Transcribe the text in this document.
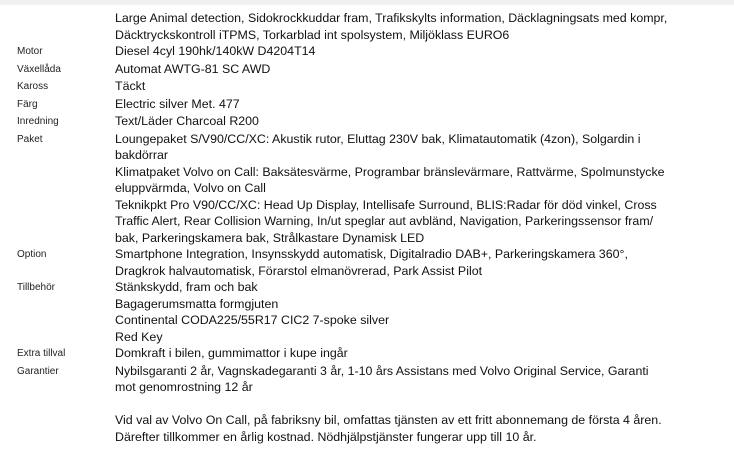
Large Animal detection, Sidokrockkuddar fram, Trafikskylts information, Däcklagningsats med kompr,
Däcktryckskontroll iTPMS, Torkarblad int spolsystem, Miljöklass EURO6
Motor	Diesel 4cyl 190hk/140kW D4204T14
Växellåda	Automat AWTG-81 SC AWD
Kaross	Täckt
Färg	Electric silver Met. 477
Inredning	Text/Läder Charcoal R200
Paket	Loungepaket S/V90/CC/XC: Akustik rutor, Eluttag 230V bak, Klimatautomatik (4zon), Solgardin i
bakdörrar
Klimatpaket Volvo on Call: Baksätesvärme, Programbar bränslevärmare, Rattvärme, Spolmunstycke
eluppvärmda, Volvo on Call
Teknikpkt Pro V90/CC/XC: Head Up Display, Intellisafe Surround, BLIS:Radar för död vinkel, Cross
Traffic Alert, Rear Collision Warning, In/ut speglar aut avbländ, Navigation, Parkeringssensor fram/
bak, Parkeringskamera bak, Strålkastare Dynamisk LED
Option	Smartphone Integration, Insynsskydd automatisk, Digitalradio DAB+, Parkeringskamera 360°,
Dragkrok halvautomatisk, Förarstol elmanövrerad, Park Assist Pilot
Tillbehör	Stänkskydd, fram och bak
Bagagerumsmatta formgjuten
Continental CODA225/55R17 CIC2 7-spoke silver
Red Key
Extra tillval	Domkraft i bilen, gummimattor i kupe ingår
Garantier	Nybilsgaranti 2 år, Vagnskadegaranti 3 år, 1-10 års Assistans med Volvo Original Service, Garanti
mot genomrostning 12 år
Vid val av Volvo On Call, på fabriksny bil, omfattas tjänsten av ett fritt abonnemang de första 4 åren.
Därefter tillkommer en årlig kostnad. Nödhjälpstjänster fungerar upp till 10 år.
